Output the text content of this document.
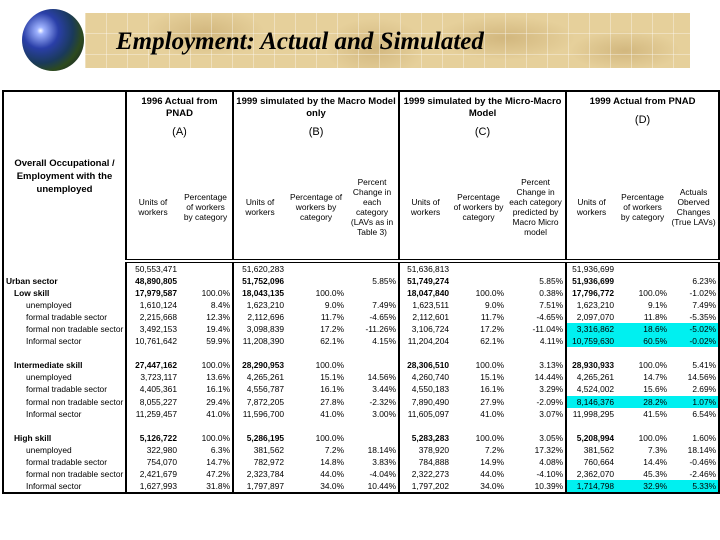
Employment: Actual and Simulated
Overall Occupational / Employment with the unemployed	1996 Actual from PNAD
(A)		1999 simulated by the Macro Model only
(B)			1999 simulated by the Micro-Macro Model
(C)			1999 Actual from PNAD
(D)		

	Units of workers	Percentage of workers by category	Units of workers	Percentage of workers by category	Percent Change in each category (LAVs as in Table 3)	Units of workers	Percentage of workers by category	Percent Change in each category predicted by Macro Micro model	Units of workers	Percentage of workers by category	Actuals Oberved Changes (True LAVs)
	50,553,471		51,620,283			51,636,813			51,936,699		
Urban sector	48,890,805		51,752,096		5.85%	51,749,274		5.85%	51,936,699		6.23%
Low skill	17,979,587	100.0%	18,043,135	100.0%		18,047,840	100.0%	0.38%	17,796,772	100.0%	-1.02%
unemployed	1,610,124	8.4%	1,623,210	9.0%	7.49%	1,623,511	9.0%	7.51%	1,623,210	9.1%	7.49%
formal tradable sector	2,215,668	12.3%	2,112,696	11.7%	-4.65%	2,112,601	11.7%	-4.65%	2,097,070	11.8%	-5.35%
formal non tradable sector	3,492,153	19.4%	3,098,839	17.2%	-11.26%	3,106,724	17.2%	-11.04%	3,316,862	18.6%	-5.02%
Informal sector	10,761,642	59.9%	11,208,390	62.1%	4.15%	11,204,204	62.1%	4.11%	10,759,630	60.5%	-0.02%

Intermediate skill	27,447,162	100.0%	28,290,953	100.0%		28,306,510	100.0%	3.13%	28,930,933	100.0%	5.41%
unemployed	3,723,117	13.6%	4,265,261	15.1%	14.56%	4,260,740	15.1%	14.44%	4,265,261	14.7%	14.56%
formal tradable sector	4,405,361	16.1%	4,556,787	16.1%	3.44%	4,550,183	16.1%	3.29%	4,524,002	15.6%	2.69%
formal non tradable sector	8,055,227	29.4%	7,872,205	27.8%	-2.32%	7,890,490	27.9%	-2.09%	8,146,376	28.2%	1.07%
Informal sector	11,259,457	41.0%	11,596,700	41.0%	3.00%	11,605,097	41.0%	3.07%	11,998,295	41.5%	6.54%

High skill	5,126,722	100.0%	5,286,195	100.0%		5,283,283	100.0%	3.05%	5,208,994	100.0%	1.60%
unemployed	322,980	6.3%	381,562	7.2%	18.14%	378,920	7.2%	17.32%	381,562	7.3%	18.14%
formal tradable sector	754,070	14.7%	782,972	14.8%	3.83%	784,888	14.9%	4.08%	760,664	14.4%	-0.46%
formal non tradable sector	2,421,679	47.2%	2,323,784	44.0%	-4.04%	2,322,273	44.0%	-4.10%	2,362,070	45.3%	-2.46%
Informal sector	1,627,993	31.8%	1,797,897	34.0%	10.44%	1,797,202	34.0%	10.39%	1,714,798	32.9%	5.33%
